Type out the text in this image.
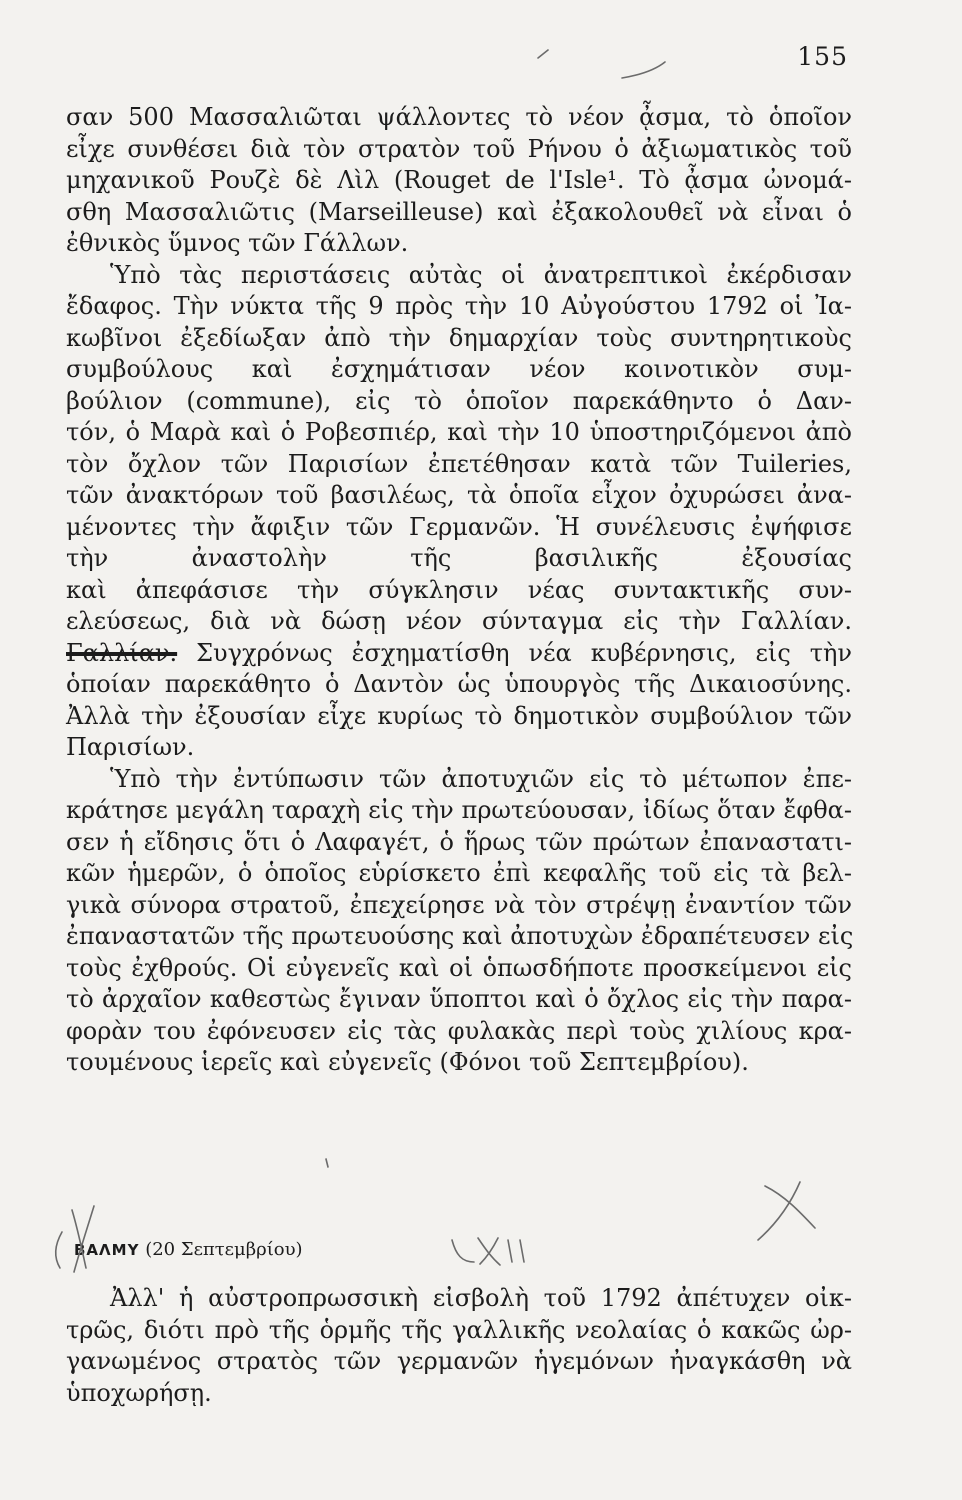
155
σαν 500 Μασσαλιῶται ψάλλοντες τὸ νέον ᾆσμα, τὸ ὁποῖον
εἶχε συνθέσει διὰ τὸν στρατὸν τοῦ Ρήνου ὁ ἀξιωματικὸς τοῦ
μηχανικοῦ Ρουζὲ δὲ Λὶλ (Rouget de l'Isle¹. Τὸ ᾆσμα ὠνομά-
σθη Μασσαλιῶτις (Marseilleuse) καὶ ἐξακολουθεῖ νὰ εἶναι ὁ
ἐθνικὸς ὕμνος τῶν Γάλλων.
Ὑπὸ τὰς περιστάσεις αὐτὰς οἱ ἀνατρεπτικοὶ ἐκέρδισαν
ἔδαφος. Τὴν νύκτα τῆς 9 πρὸς τὴν 10 Αὐγούστου 1792 οἱ Ἰα-
κωβῖνοι ἐξεδίωξαν ἀπὸ τὴν δημαρχίαν τοὺς συντηρητικοὺς
συμβούλους καὶ ἐσχημάτισαν νέον κοινοτικὸν συμ-
βούλιον (commune), εἰς τὸ ὁποῖον παρεκάθηντο ὁ Δαν-
τόν, ὁ Μαρὰ καὶ ὁ Ροβεσπιέρ, καὶ τὴν 10 ὑποστηριζόμενοι ἀπὸ
τὸν ὄχλον τῶν Παρισίων ἐπετέθησαν κατὰ τῶν Tuileries,
τῶν ἀνακτόρων τοῦ βασιλέως, τὰ ὁποῖα εἶχον ὀχυρώσει ἀνα-
μένοντες τὴν ἄφιξιν τῶν Γερμανῶν. Ἡ συνέλευσις ἐψήφισε
τὴν ἀναστολὴν τῆς βασιλικῆς ἐξουσίας
καὶ ἀπεφάσισε τὴν σύγκλησιν νέας συντακτικῆς συν-
ελεύσεως, διὰ νὰ δώσῃ νέον σύνταγμα εἰς τὴν Γαλλίαν.
Γαλλίαν. Συγχρόνως ἐσχηματίσθη νέα κυβέρνησις, εἰς τὴν
ὁποίαν παρεκάθητο ὁ Δαντὸν ὡς ὑπουργὸς τῆς Δικαιοσύνης.
Ἀλλὰ τὴν ἐξουσίαν εἶχε κυρίως τὸ δημοτικὸν συμβούλιον τῶν
Παρισίων.
Ὑπὸ τὴν ἐντύπωσιν τῶν ἀποτυχιῶν εἰς τὸ μέτωπον ἐπε-
κράτησε μεγάλη ταραχὴ εἰς τὴν πρωτεύουσαν, ἰδίως ὅταν ἔφθα-
σεν ἡ εἴδησις ὅτι ὁ Λαφαγέτ, ὁ ἥρως τῶν πρώτων ἐπαναστατι-
κῶν ἡμερῶν, ὁ ὁποῖος εὑρίσκετο ἐπὶ κεφαλῆς τοῦ εἰς τὰ βελ-
γικὰ σύνορα στρατοῦ, ἐπεχείρησε νὰ τὸν στρέψῃ ἐναντίον τῶν
ἐπαναστατῶν τῆς πρωτευούσης καὶ ἀποτυχὼν ἐδραπέτευσεν εἰς
τοὺς ἐχθρούς. Οἱ εὐγενεῖς καὶ οἱ ὁπωσδήποτε προσκείμενοι εἰς
τὸ ἀρχαῖον καθεστὼς ἔγιναν ὕποπτοι καὶ ὁ ὄχλος εἰς τὴν παρα-
φορὰν του ἐφόνευσεν εἰς τὰς φυλακὰς περὶ τοὺς χιλίους κρα-
τουμένους ἱερεῖς καὶ εὐγενεῖς (Φόνοι τοῦ Σεπτεμβρίου).
ΒΑΛΜΥ (20 Σεπτεμβρίου)
Ἀλλ' ἡ αὐστροπρωσσικὴ εἰσβολὴ τοῦ 1792 ἀπέτυχεν οἰκ-
τρῶς, διότι πρὸ τῆς ὁρμῆς τῆς γαλλικῆς νεολαίας ὁ κακῶς ὠρ-
γανωμένος στρατὸς τῶν γερμανῶν ἡγεμόνων ἠναγκάσθη νὰ
ὑποχωρήσῃ.
